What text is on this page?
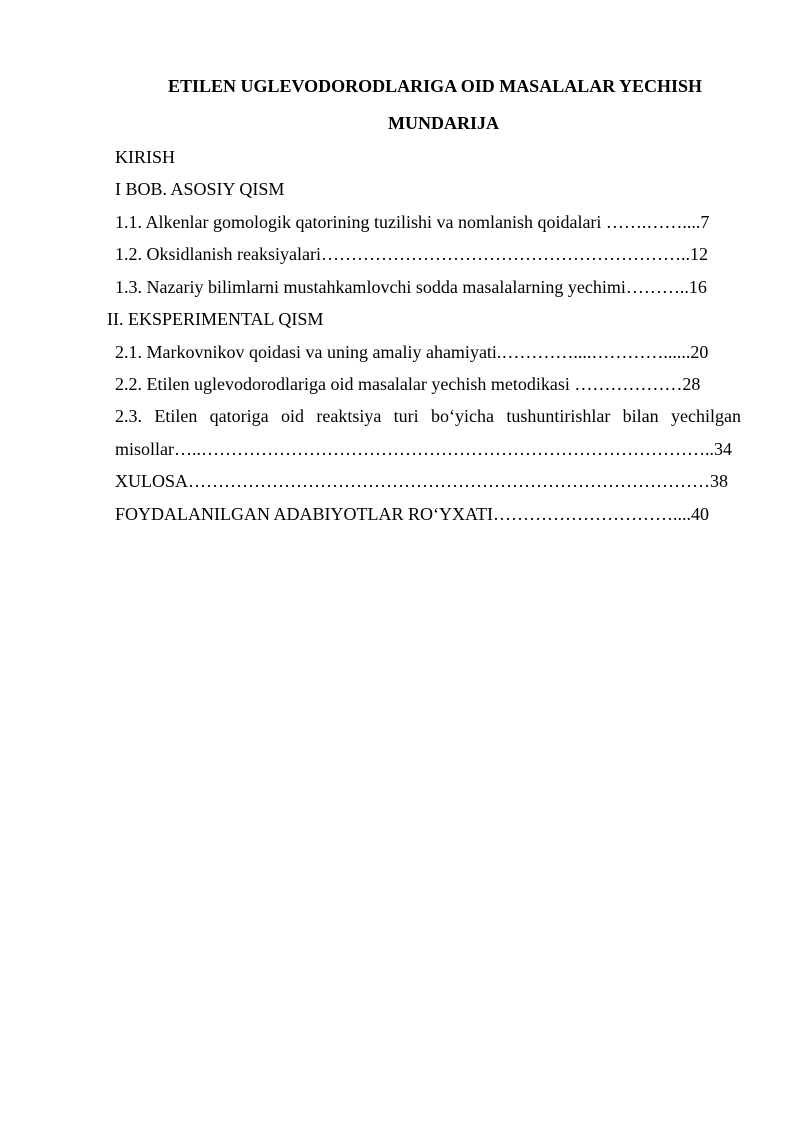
ETILEN UGLEVODORODLARIGA OID MASALALAR YECHISH
MUNDARIJA
KIRISH
I BOB. ASOSIY QISM
1.1. Alkenlar gomologik qatorining tuzilishi va nomlanish qoidalari …….……....7
1.2. Oksidlanish reaksiyalari……………………………………………………..12
1.3. Nazariy bilimlarni mustahkamlovchi sodda masalalarning yechimi………..16
II. EKSPERIMENTAL QISM
2.1. Markovnikov qoidasi va uning amaliy ahamiyati.…………....…………......20
2.2. Etilen uglevodorodlariga oid masalalar yechish metodikasi ………………28
2.3. Etilen qatoriga oid reaktsiya turi bo‘yicha tushuntirishlar bilan yechilgan
misollar…..…………………………………………………………………………..34
XULOSA……………………………………………………………………………38
FOYDALANILGAN ADABIYOTLAR RO‘YXATI…………………………....40
